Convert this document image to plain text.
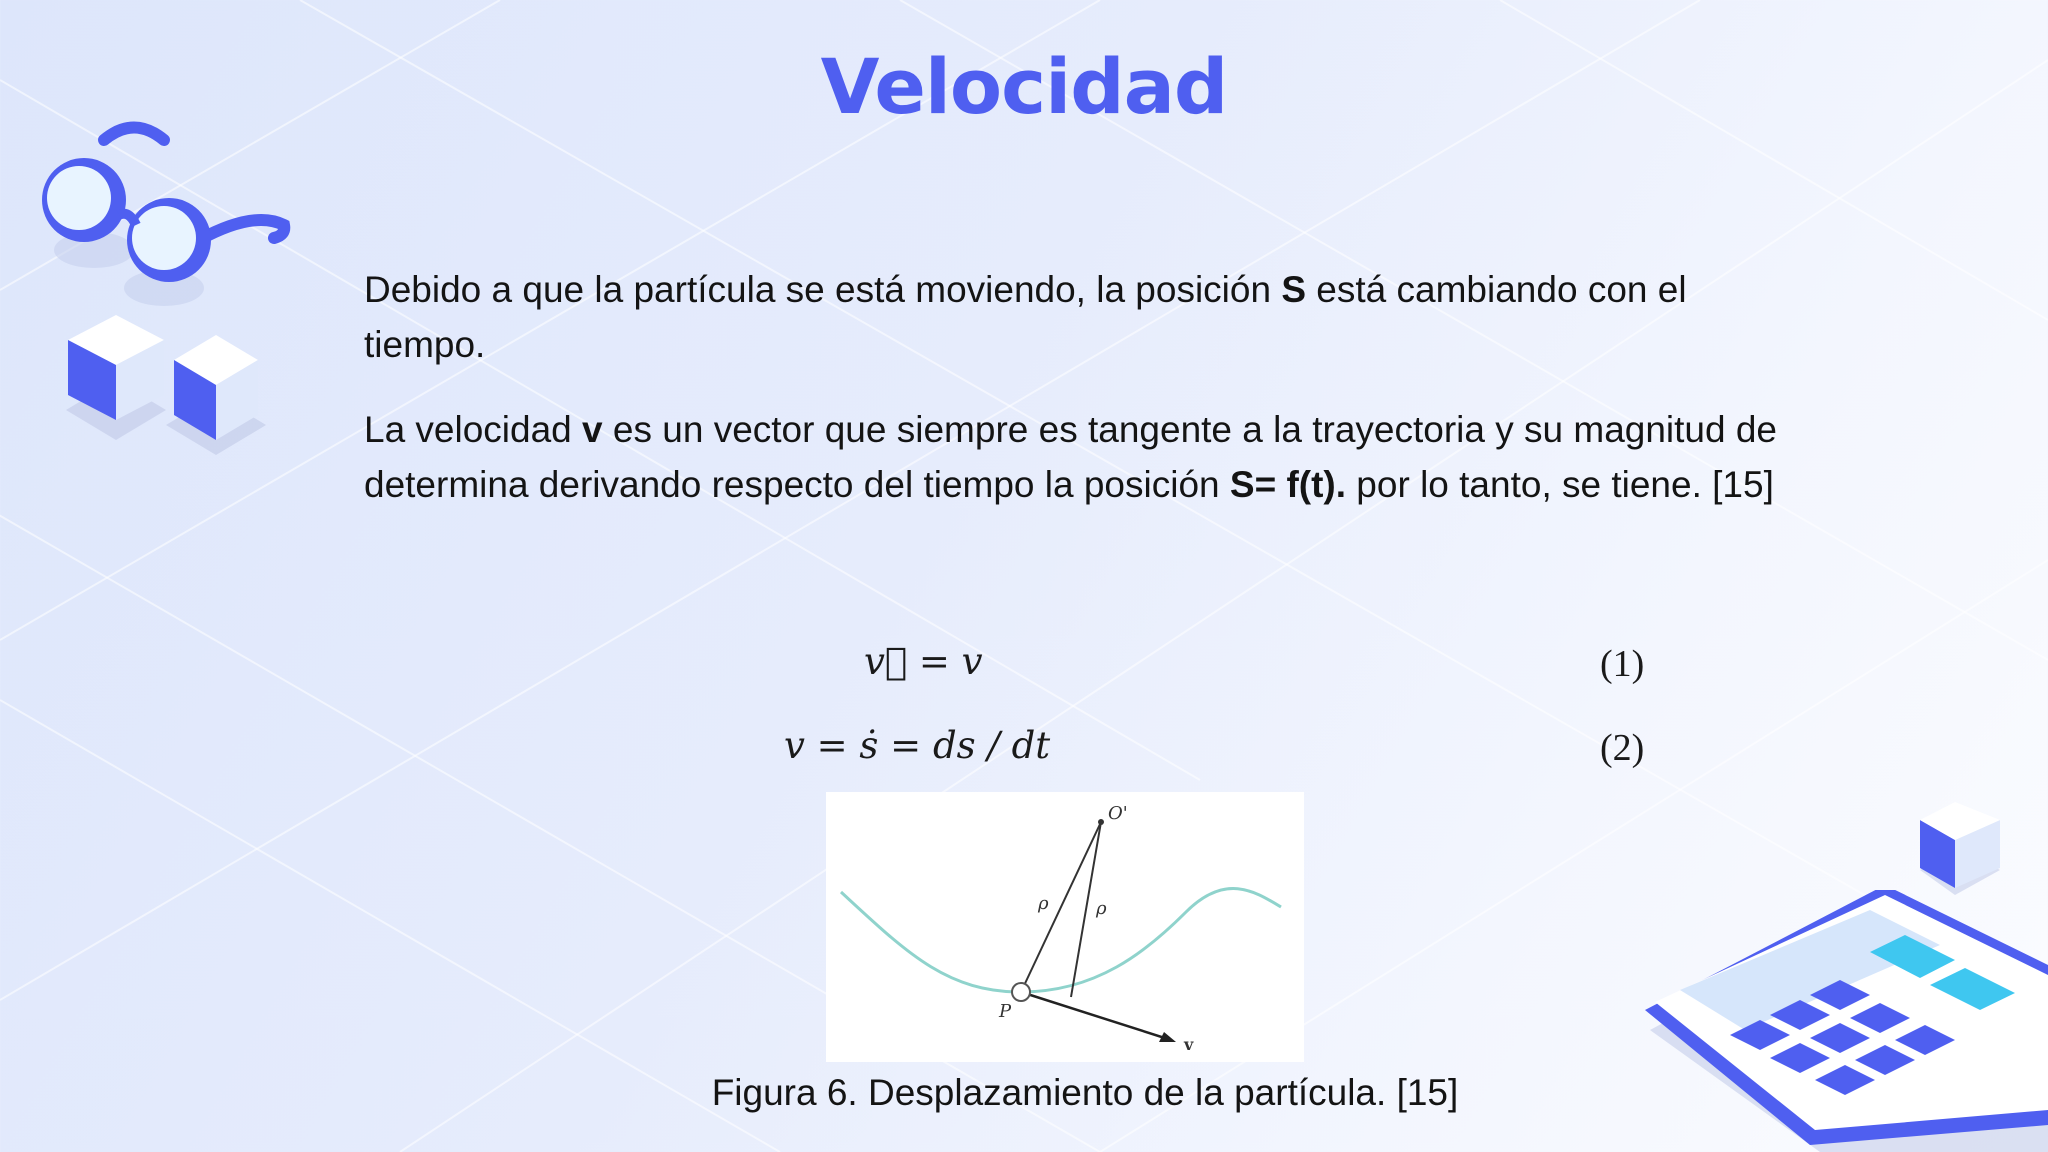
Velocidad
Debido a que la partícula se está moviendo, la posición S está cambiando con el tiempo.
La velocidad v es un vector que siempre es tangente a la trayectoria y su magnitud de determina derivando respecto del tiempo la posición S= f(t). por lo tanto, se tiene. [15]
v⃗ = v	(1)
v = ṡ = ds / dt	(2)
O'
ρ	ρ
P
v
Figura 6. Desplazamiento de la partícula. [15]
